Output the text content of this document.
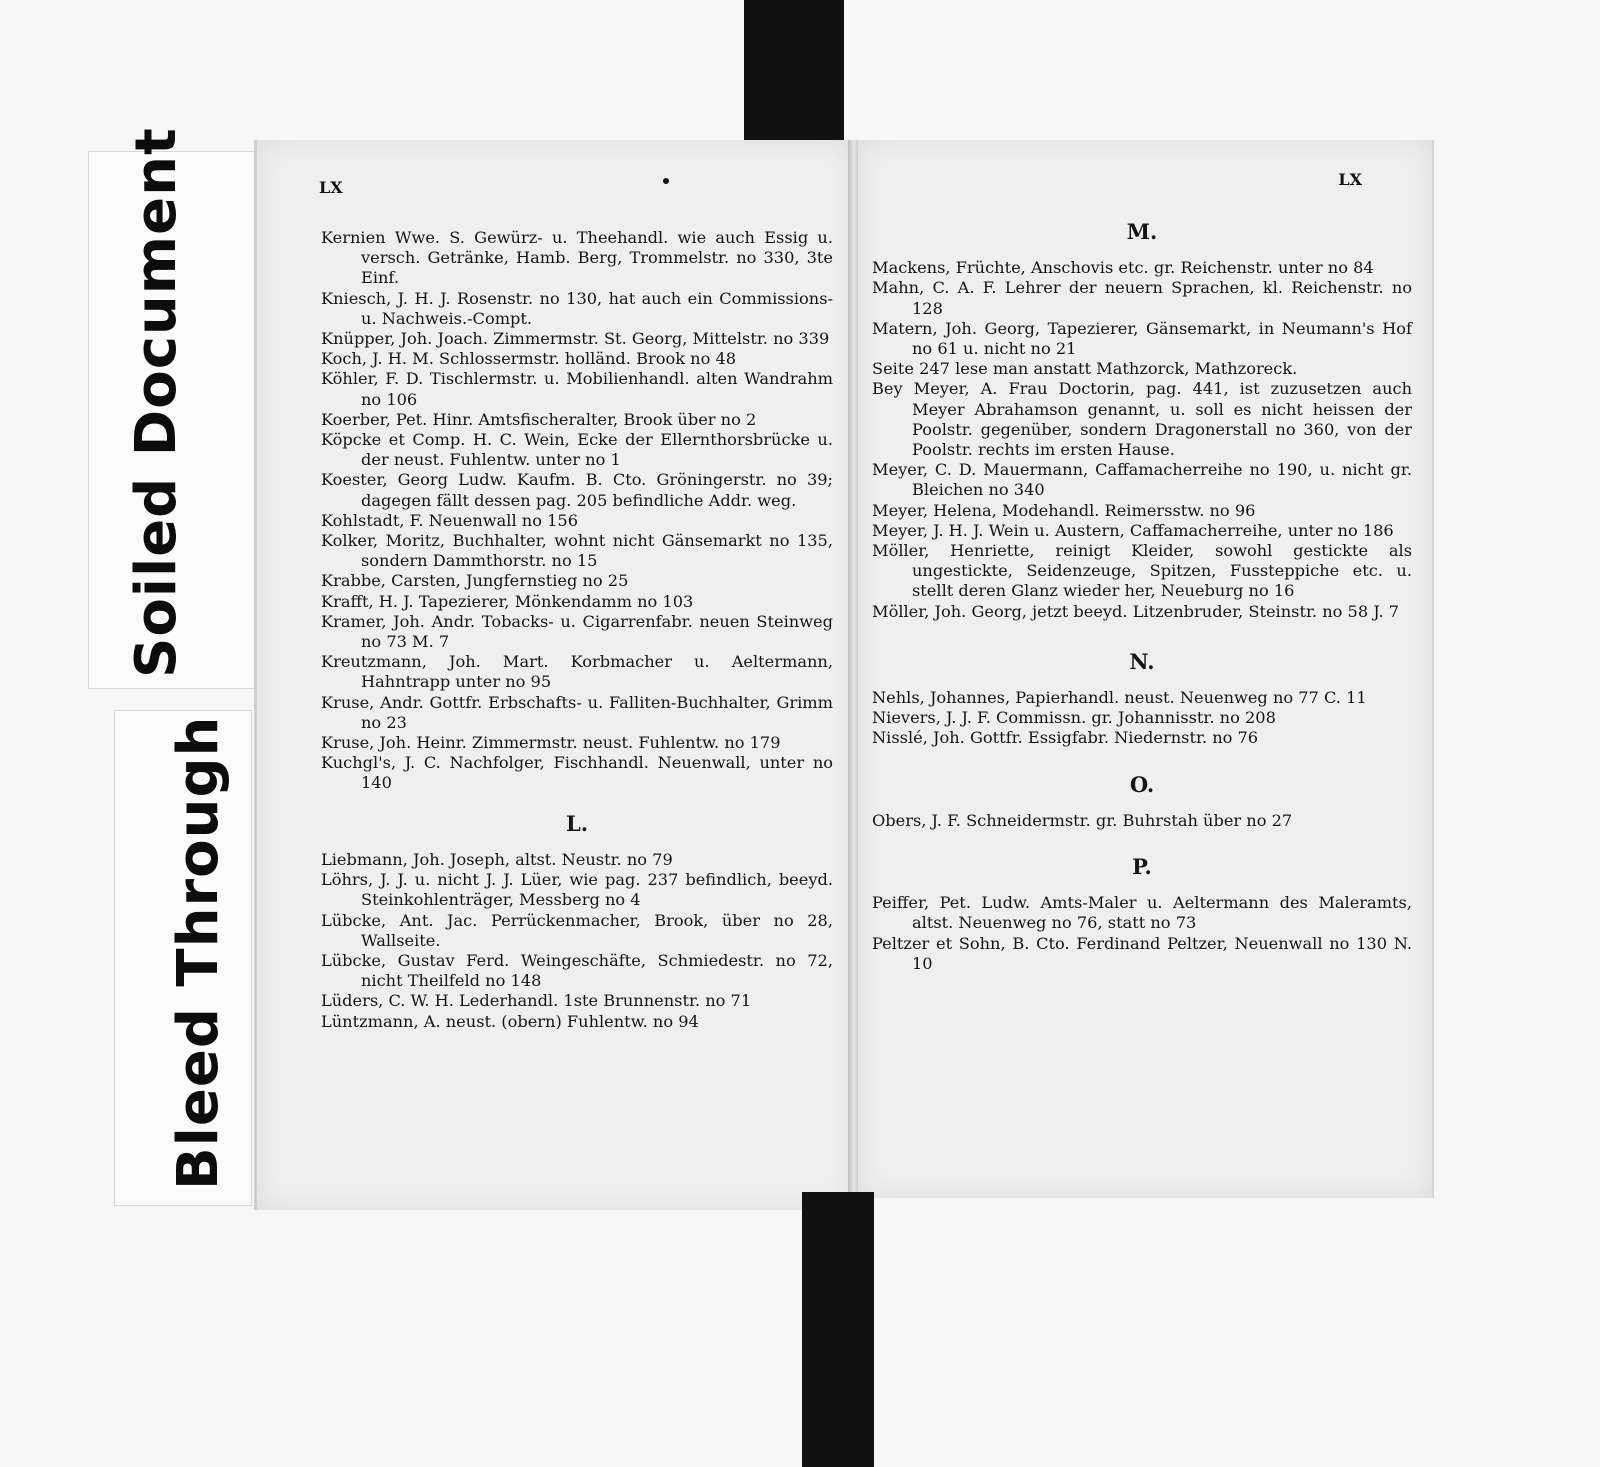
Soiled Document
Bleed Through
LX

Kernien Wwe. S. Gewürz- u. Theehandl. wie auch Essig u. versch. Getränke, Hamb. Berg, Trommelstr. no 330, 3te Einf.

Kniesch, J. H. J. Rosenstr. no 130, hat auch ein Commissions- u. Nachweis.-Compt.

Knüpper, Joh. Joach. Zimmermstr. St. Georg, Mittelstr. no 339

Koch, J. H. M. Schlossermstr. holländ. Brook no 48

Köhler, F. D. Tischlermstr. u. Mobilienhandl. alten Wandrahm no 106

Koerber, Pet. Hinr. Amtsfischeralter, Brook über no 2

Köpcke et Comp. H. C. Wein, Ecke der Ellernthorsbrücke u. der neust. Fuhlentw. unter no 1

Koester, Georg Ludw. Kaufm. B. Cto. Gröningerstr. no 39; dagegen fällt dessen pag. 205 befindliche Addr. weg.

Kohlstadt, F. Neuenwall no 156

Kolker, Moritz, Buchhalter, wohnt nicht Gänsemarkt no 135, sondern Dammthorstr. no 15

Krabbe, Carsten, Jungfernstieg no 25

Krafft, H. J. Tapezierer, Mönkendamm no 103

Kramer, Joh. Andr. Tobacks- u. Cigarrenfabr. neuen Steinweg no 73 M. 7

Kreutzmann, Joh. Mart. Korbmacher u. Aeltermann, Hahntrapp unter no 95

Kruse, Andr. Gottfr. Erbschafts- u. Falliten-Buchhalter, Grimm no 23

Kruse, Joh. Heinr. Zimmermstr. neust. Fuhlentw. no 179

Kuchgl's, J. C. Nachfolger, Fischhandl. Neuenwall, unter no 140

L.

Liebmann, Joh. Joseph, altst. Neustr. no 79

Löhrs, J. J. u. nicht J. J. Lüer, wie pag. 237 befindlich, beeyd. Steinkohlenträger, Messberg no 4

Lübcke, Ant. Jac. Perrückenmacher, Brook, über no 28, Wallseite.

Lübcke, Gustav Ferd. Weingeschäfte, Schmiedestr. no 72, nicht Theilfeld no 148

Lüders, C. W. H. Lederhandl. 1ste Brunnenstr. no 71

Lüntzmann, A. neust. (obern) Fuhlentw. no 94

LX
M.

Mackens, Früchte, Anschovis etc. gr. Reichenstr. unter no 84

Mahn, C. A. F. Lehrer der neuern Sprachen, kl. Reichenstr. no 128

Matern, Joh. Georg, Tapezierer, Gänsemarkt, in Neumann's Hof no 61 u. nicht no 21

Seite 247 lese man anstatt Mathzorck, Mathzoreck.

Bey Meyer, A. Frau Doctorin, pag. 441, ist zuzusetzen auch Meyer Abrahamson genannt, u. soll es nicht heissen der Poolstr. gegenüber, sondern Dragonerstall no 360, von der Poolstr. rechts im ersten Hause.

Meyer, C. D. Mauermann, Caffamacherreihe no 190, u. nicht gr. Bleichen no 340

Meyer, Helena, Modehandl. Reimersstw. no 96

Meyer, J. H. J. Wein u. Austern, Caffamacherreihe, unter no 186

Möller, Henriette, reinigt Kleider, sowohl gestickte als ungestickte, Seidenzeuge, Spitzen, Fussteppiche etc. u. stellt deren Glanz wieder her, Neueburg no 16

Möller, Joh. Georg, jetzt beeyd. Litzenbruder, Steinstr. no 58 J. 7

N.

Nehls, Johannes, Papierhandl. neust. Neuenweg no 77 C. 11

Nievers, J. J. F. Commissn. gr. Johannisstr. no 208

Nisslé, Joh. Gottfr. Essigfabr. Niedernstr. no 76

O.

Obers, J. F. Schneidermstr. gr. Buhrstah über no 27

P.

Peiffer, Pet. Ludw. Amts-Maler u. Aeltermann des Maleramts, altst. Neuenweg no 76, statt no 73

Peltzer et Sohn, B. Cto. Ferdinand Peltzer, Neuenwall no 130 N. 10
